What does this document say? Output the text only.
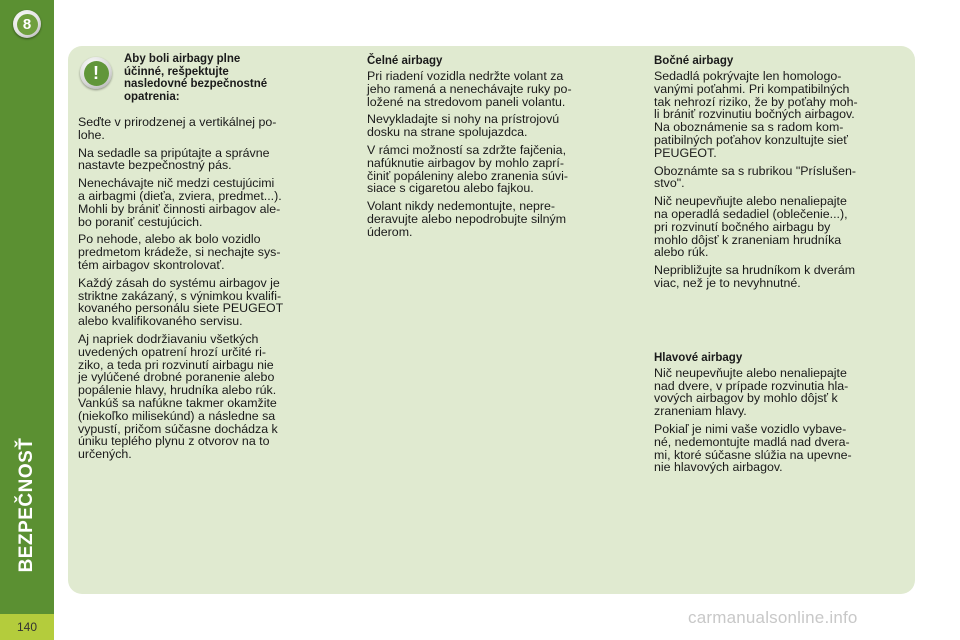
8
BEZPEČNOSŤ
140
!

Aby boli airbagy plne
účinné, rešpektujte
nasledovné bezpečnostné
opatrenia:

Seďte v prirodzenej a vertikálnej po-
lohe.

Na sedadle sa pripútajte a správne
nastavte bezpečnostný pás.

Nenechávajte nič medzi cestujúcimi
a airbagmi (dieťa, zviera, predmet...).
Mohli by brániť činnosti airbagov ale-
bo poraniť cestujúcich.

Po nehode, alebo ak bolo vozidlo
predmetom krádeže, si nechajte sys-
tém airbagov skontrolovať.

Každý zásah do systému airbagov je
striktne zakázaný, s výnimkou kvalifi-
kovaného personálu siete PEUGEOT
alebo kvalifikovaného servisu.

Aj napriek dodržiavaniu všetkých
uvedených opatrení hrozí určité ri-
ziko, a teda pri rozvinutí airbagu nie
je vylúčené drobné poranenie alebo
popálenie hlavy, hrudníka alebo rúk.
Vankúš sa nafúkne takmer okamžite
(niekoľko milisekúnd) a následne sa
vypustí, pričom súčasne dochádza k
úniku teplého plynu z otvorov na to
určených.

Čelné airbagy

Pri riadení vozidla nedržte volant za
jeho ramená a nenechávajte ruky po-
ložené na stredovom paneli volantu.

Nevykladajte si nohy na prístrojovú
dosku na strane spolujazdca.

V rámci možností sa zdržte fajčenia,
nafúknutie airbagov by mohlo zaprí-
činiť popáleniny alebo zranenia súvi-
siace s cigaretou alebo fajkou.

Volant nikdy nedemontujte, nepre-
deravujte alebo nepodrobujte silným
úderom.

Bočné airbagy

Sedadlá pokrývajte len homologo-
vanými poťahmi. Pri kompatibilných
tak nehrozí riziko, že by poťahy moh-
li brániť rozvinutiu bočných airbagov.
Na oboznámenie sa s radom kom-
patibilných poťahov konzultujte sieť
PEUGEOT.

Oboznámte sa s rubrikou "Príslušen-
stvo".

Nič neupevňujte alebo nenaliepajte
na operadlá sedadiel (oblečenie...),
pri rozvinutí bočného airbagu by
mohlo dôjsť k zraneniam hrudníka
alebo rúk.

Nepribližujte sa hrudníkom k dverám
viac, než je to nevyhnutné.

Hlavové airbagy

Nič neupevňujte alebo nenaliepajte
nad dvere, v prípade rozvinutia hla-
vových airbagov by mohlo dôjsť k
zraneniam hlavy.

Pokiaľ je nimi vaše vozidlo vybave-
né, nedemontujte madlá nad dvera-
mi, ktoré súčasne slúžia na upevne-
nie hlavových airbagov.

carmanualsonline.info
